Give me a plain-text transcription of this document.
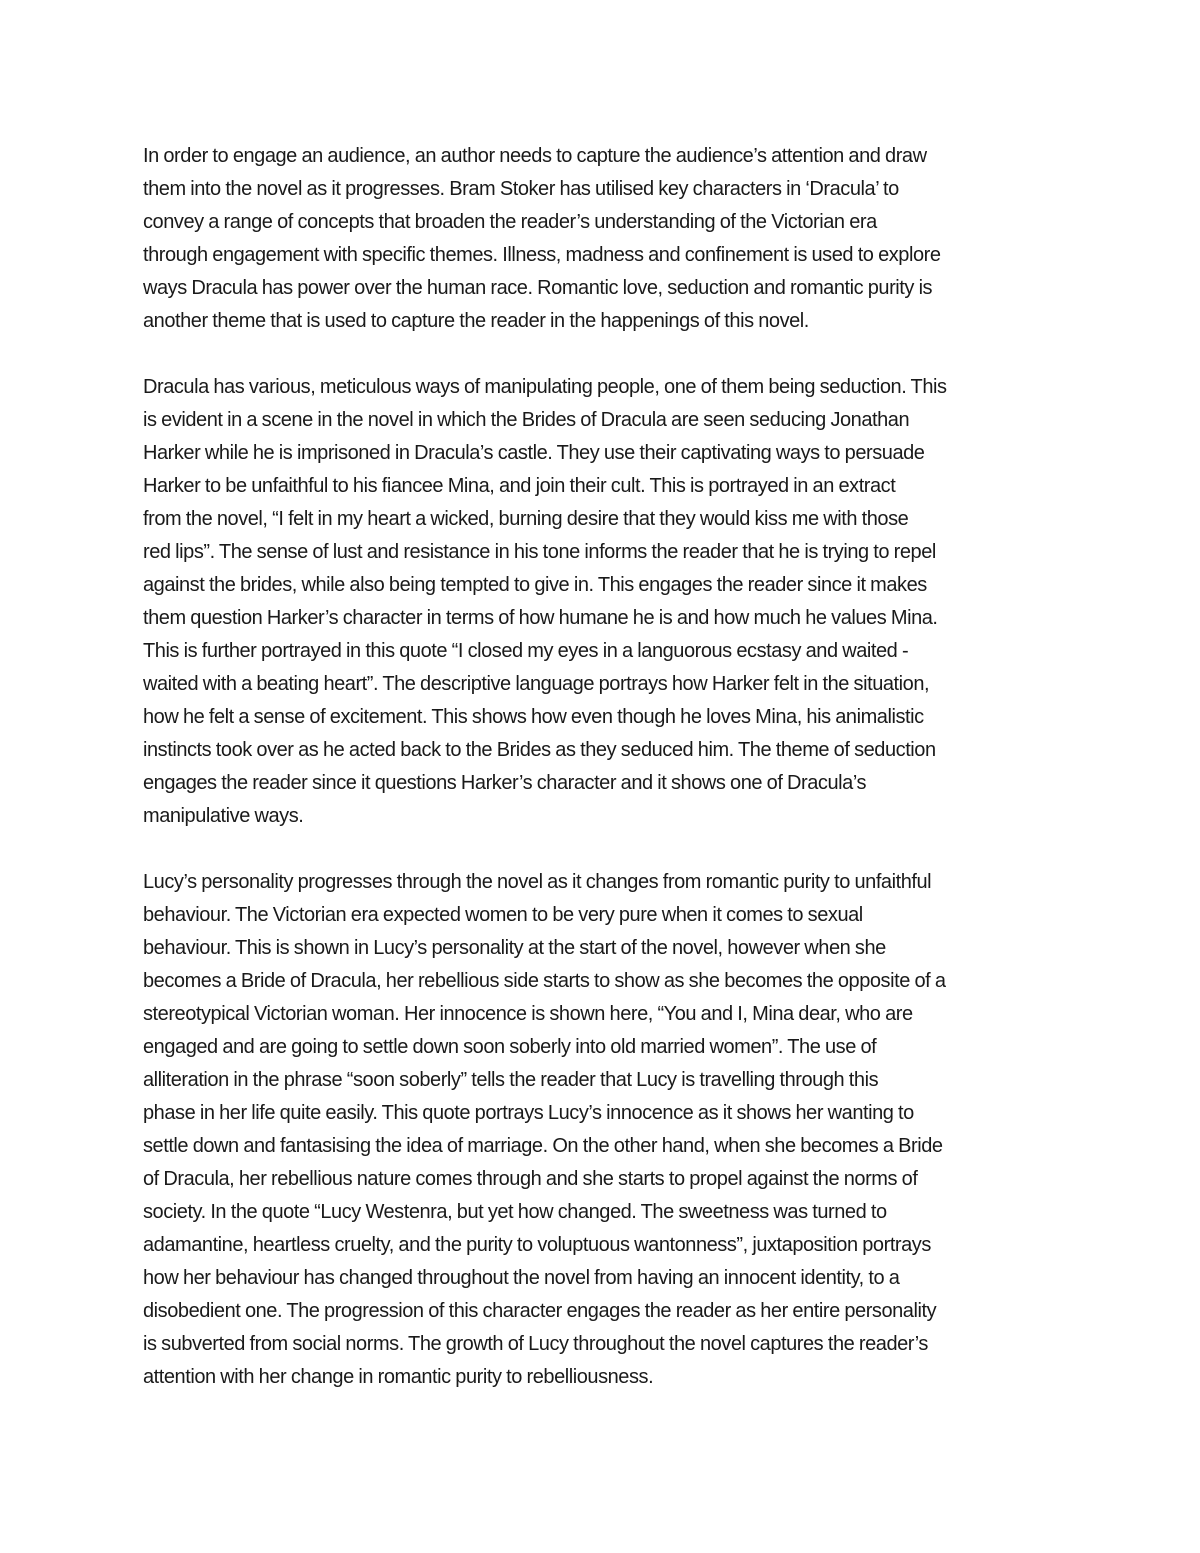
In order to engage an audience, an author needs to capture the audience’s attention and draw
them into the novel as it progresses. Bram Stoker has utilised key characters in ‘Dracula’ to
convey a range of concepts that broaden the reader’s understanding of the Victorian era
through engagement with specific themes. Illness, madness and confinement is used to explore
ways Dracula has power over the human race. Romantic love, seduction and romantic purity is
another theme that is used to capture the reader in the happenings of this novel.

Dracula has various, meticulous ways of manipulating people, one of them being seduction. This
is evident in a scene in the novel in which the Brides of Dracula are seen seducing Jonathan
Harker while he is imprisoned in Dracula’s castle. They use their captivating ways to persuade
Harker to be unfaithful to his fiancee Mina, and join their cult. This is portrayed in an extract
from the novel, “I felt in my heart a wicked, burning desire that they would kiss me with those
red lips”. The sense of lust and resistance in his tone informs the reader that he is trying to repel
against the brides, while also being tempted to give in. This engages the reader since it makes
them question Harker’s character in terms of how humane he is and how much he values Mina.
This is further portrayed in this quote “I closed my eyes in a languorous ecstasy and waited -
waited with a beating heart”. The descriptive language portrays how Harker felt in the situation,
how he felt a sense of excitement. This shows how even though he loves Mina, his animalistic
instincts took over as he acted back to the Brides as they seduced him. The theme of seduction
engages the reader since it questions Harker’s character and it shows one of Dracula’s
manipulative ways.

Lucy’s personality progresses through the novel as it changes from romantic purity to unfaithful
behaviour. The Victorian era expected women to be very pure when it comes to sexual
behaviour. This is shown in Lucy’s personality at the start of the novel, however when she
becomes a Bride of Dracula, her rebellious side starts to show as she becomes the opposite of a
stereotypical Victorian woman. Her innocence is shown here, “You and I, Mina dear, who are
engaged and are going to settle down soon soberly into old married women”. The use of
alliteration in the phrase “soon soberly” tells the reader that Lucy is travelling through this
phase in her life quite easily. This quote portrays Lucy’s innocence as it shows her wanting to
settle down and fantasising the idea of marriage. On the other hand, when she becomes a Bride
of Dracula, her rebellious nature comes through and she starts to propel against the norms of
society. In the quote “Lucy Westenra, but yet how changed. The sweetness was turned to
adamantine, heartless cruelty, and the purity to voluptuous wantonness”, juxtaposition portrays
how her behaviour has changed throughout the novel from having an innocent identity, to a
disobedient one. The progression of this character engages the reader as her entire personality
is subverted from social norms. The growth of Lucy throughout the novel captures the reader’s
attention with her change in romantic purity to rebelliousness.
